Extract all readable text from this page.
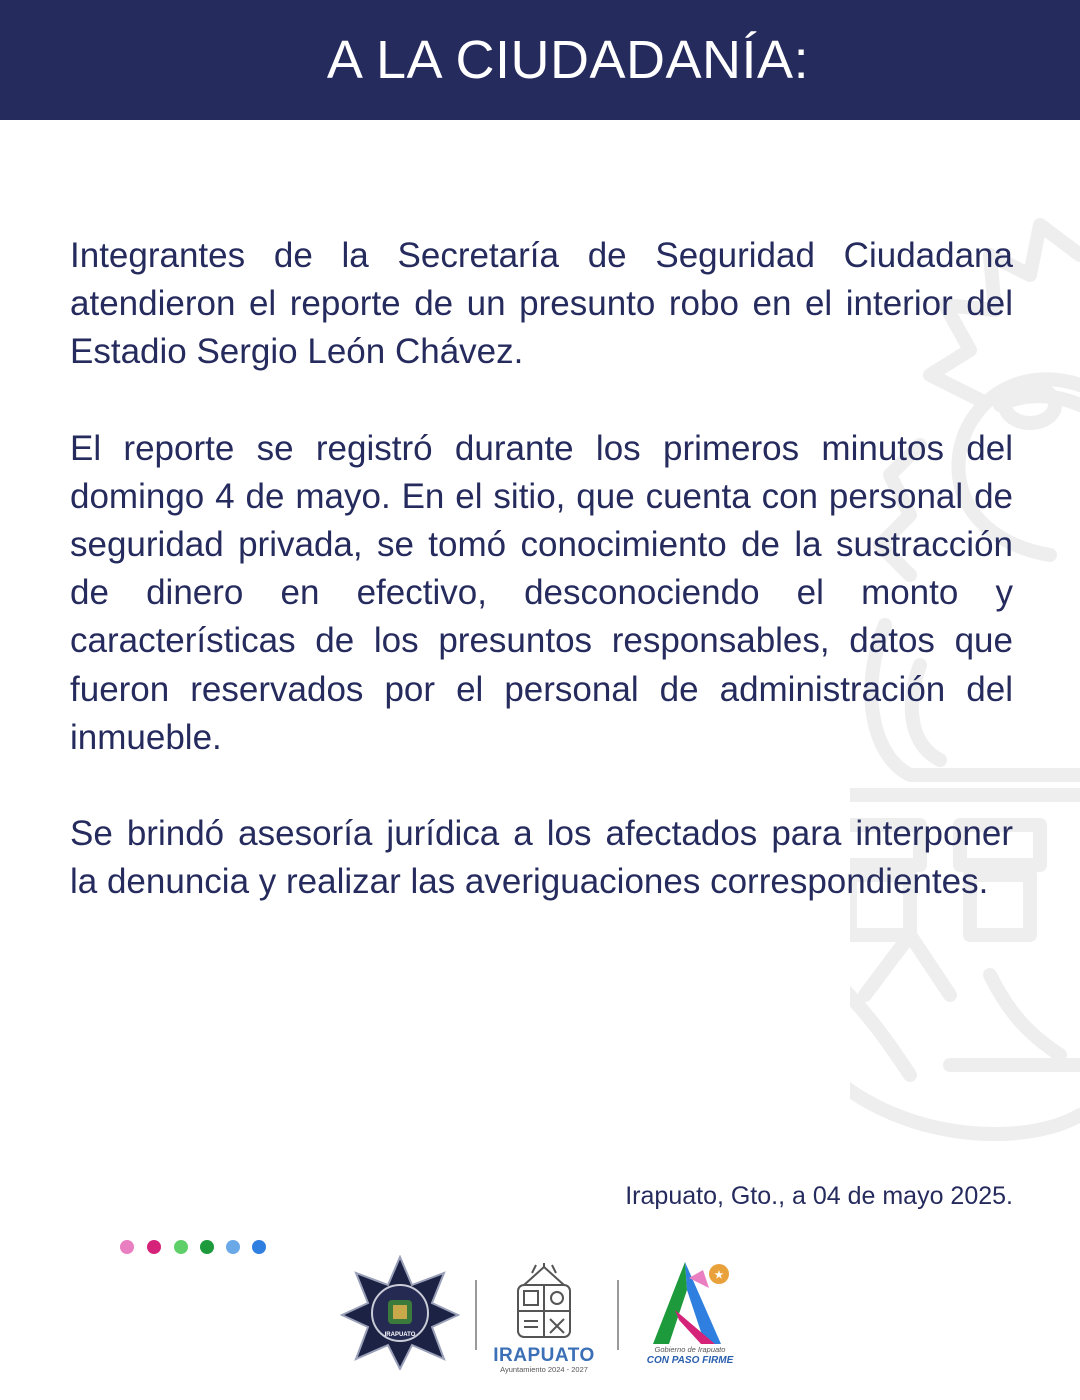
A LA CIUDADANÍA:

Integrantes de la Secretaría de Seguridad Ciudadana atendieron el reporte de un presunto robo en el interior del Estadio Sergio León Chávez.

El reporte se registró durante los primeros minutos del domingo 4 de mayo. En el sitio, que cuenta con personal de seguridad privada, se tomó conocimiento de la sustracción de dinero en efectivo, desconociendo el monto y características de los presuntos responsables, datos que fueron reservados por el personal de administración del inmueble.

Se brindó asesoría jurídica a los afectados para interponer la denuncia y realizar las averiguaciones correspondientes.

Irapuato, Gto., a 04 de mayo 2025.
IRAPUATO
IRAPUATO
Ayuntamiento 2024 - 2027
★
Gobierno de Irapuato
CON PASO FIRME
